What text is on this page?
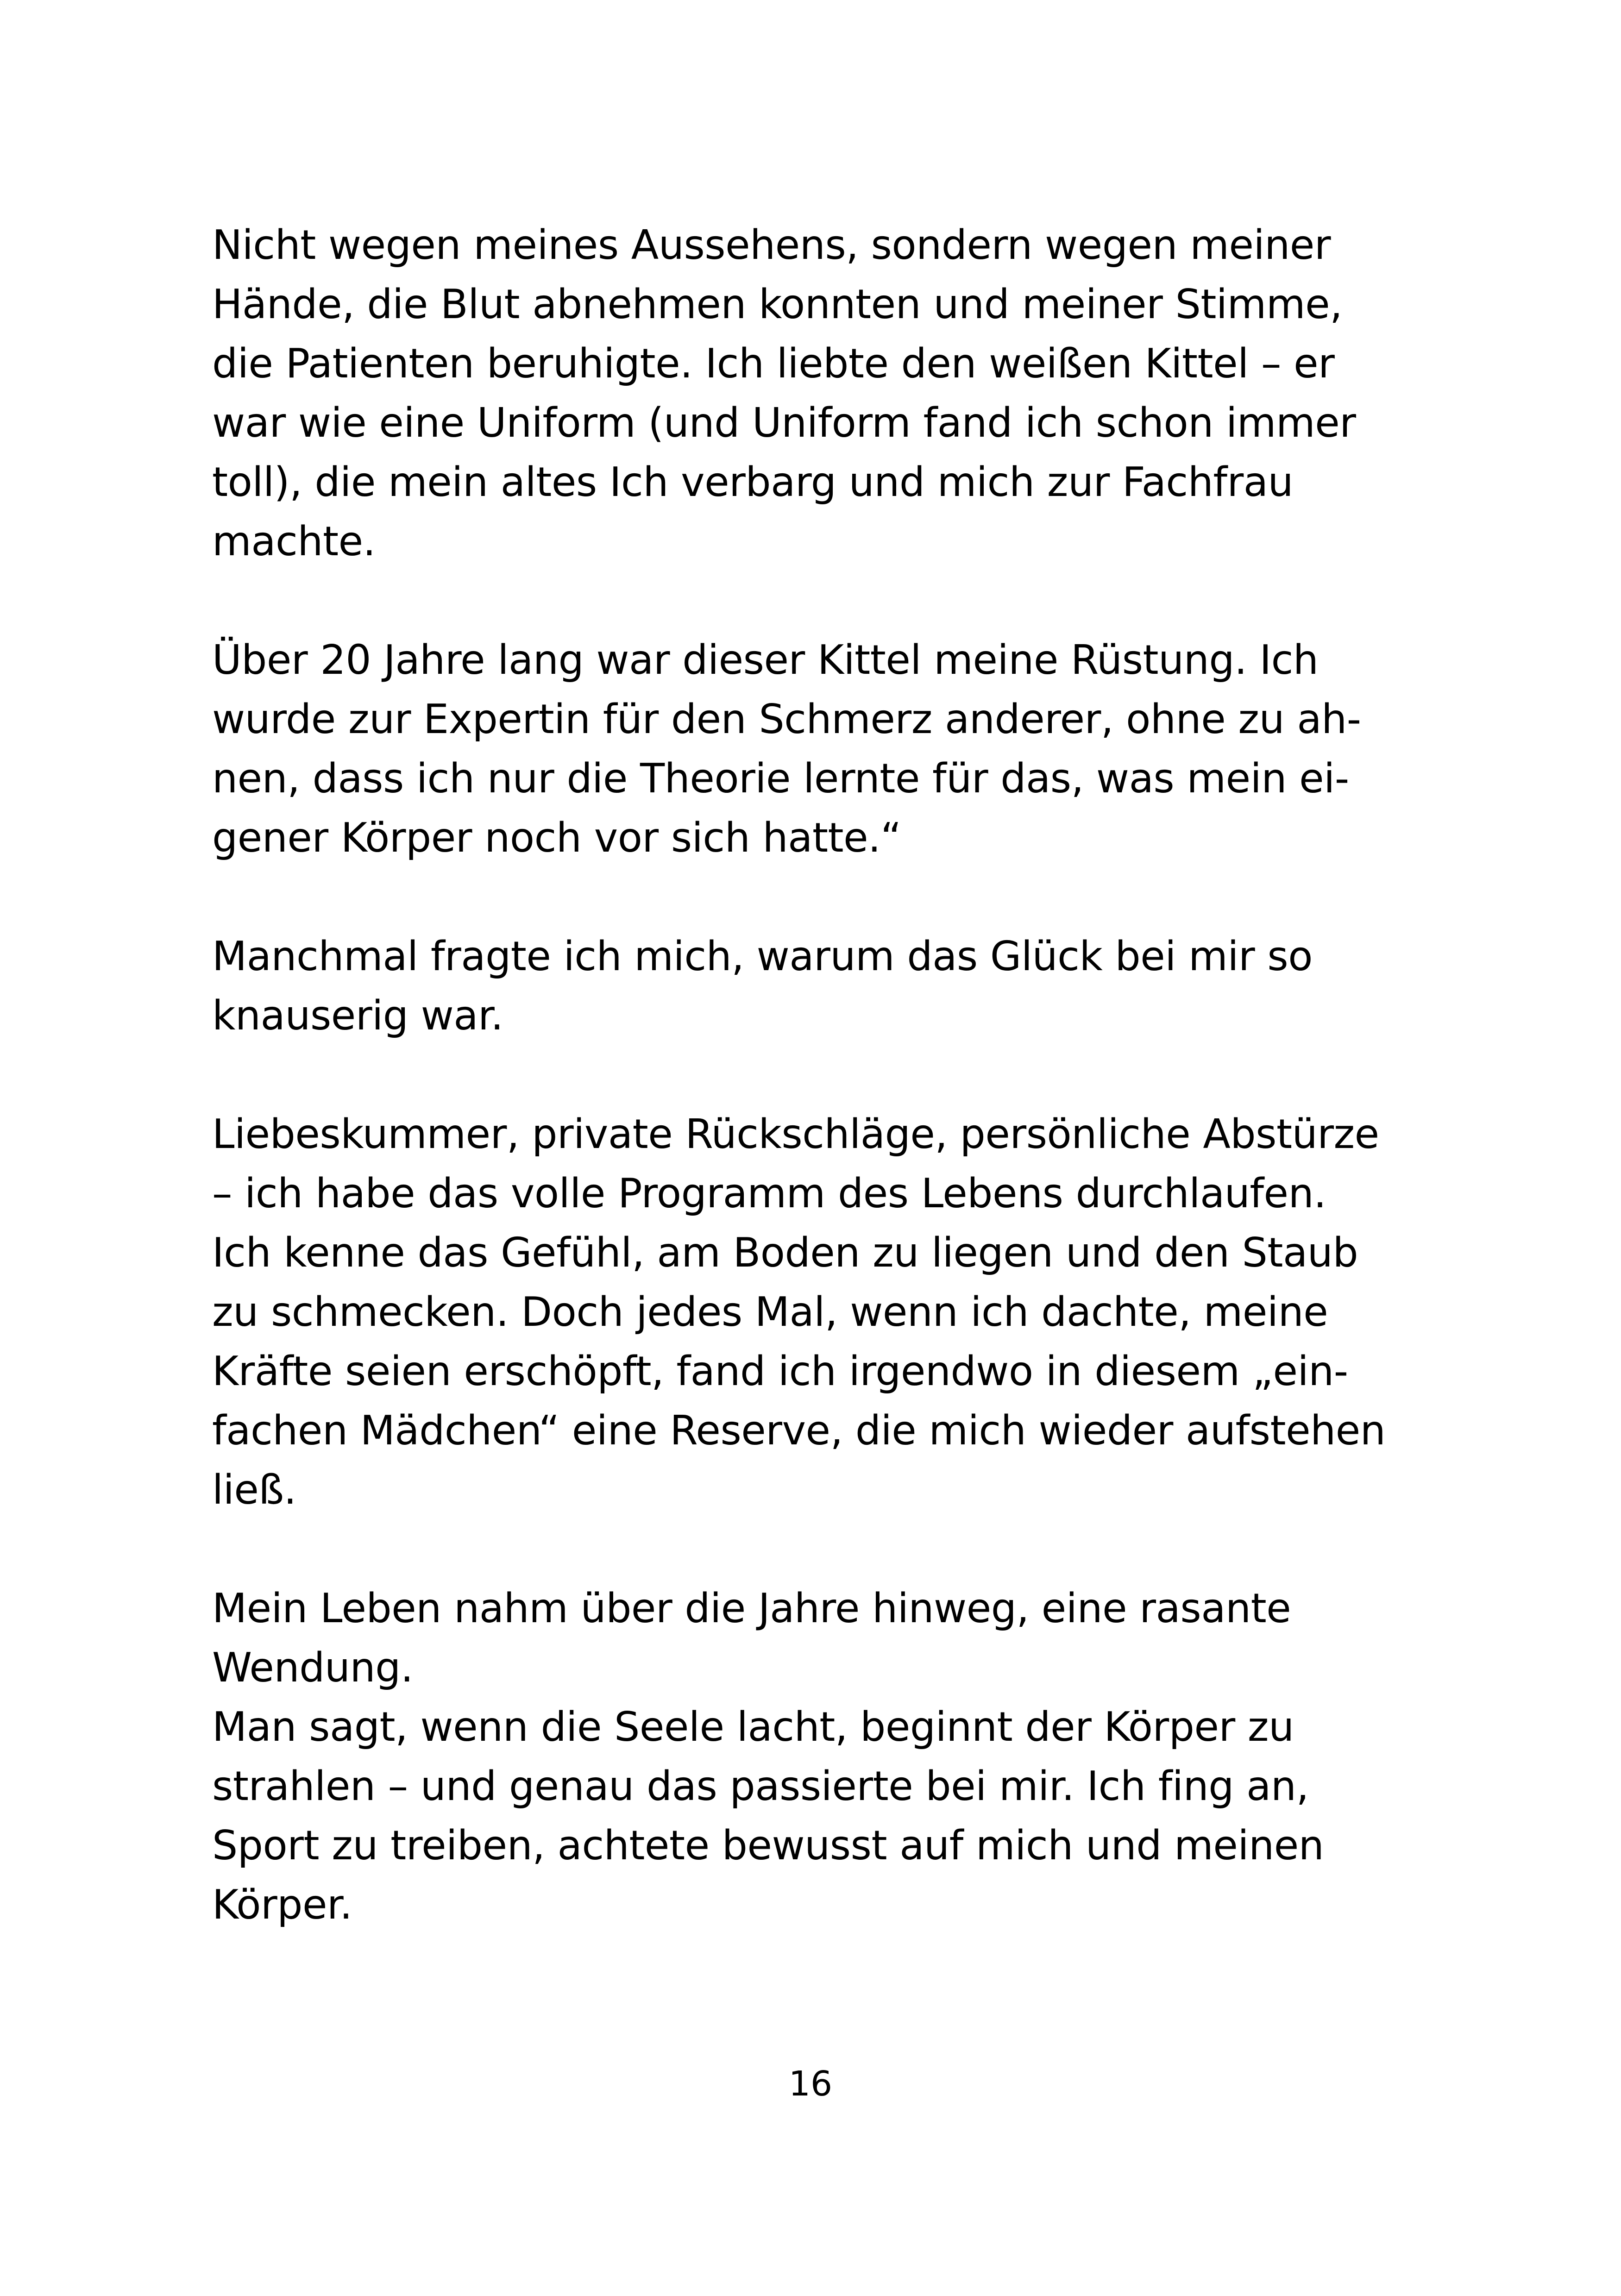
Nicht wegen meines Aussehens, sondern wegen meiner
Hände, die Blut abnehmen konnten und meiner Stimme,
die Patienten beruhigte. Ich liebte den weißen Kittel – er
war wie eine Uniform (und Uniform fand ich schon immer
toll), die mein altes Ich verbarg und mich zur Fachfrau
machte.

Über 20 Jahre lang war dieser Kittel meine Rüstung. Ich
wurde zur Expertin für den Schmerz anderer, ohne zu ah-
nen, dass ich nur die Theorie lernte für das, was mein ei-
gener Körper noch vor sich hatte.“

Manchmal fragte ich mich, warum das Glück bei mir so
knauserig war.

Liebeskummer, private Rückschläge, persönliche Abstürze
– ich habe das volle Programm des Lebens durchlaufen.
Ich kenne das Gefühl, am Boden zu liegen und den Staub
zu schmecken. Doch jedes Mal, wenn ich dachte, meine
Kräfte seien erschöpft, fand ich irgendwo in diesem „ein-
fachen Mädchen“ eine Reserve, die mich wieder aufstehen
ließ.

Mein Leben nahm über die Jahre hinweg, eine rasante
Wendung.
Man sagt, wenn die Seele lacht, beginnt der Körper zu
strahlen – und genau das passierte bei mir. Ich fing an,
Sport zu treiben, achtete bewusst auf mich und meinen
Körper.

16
